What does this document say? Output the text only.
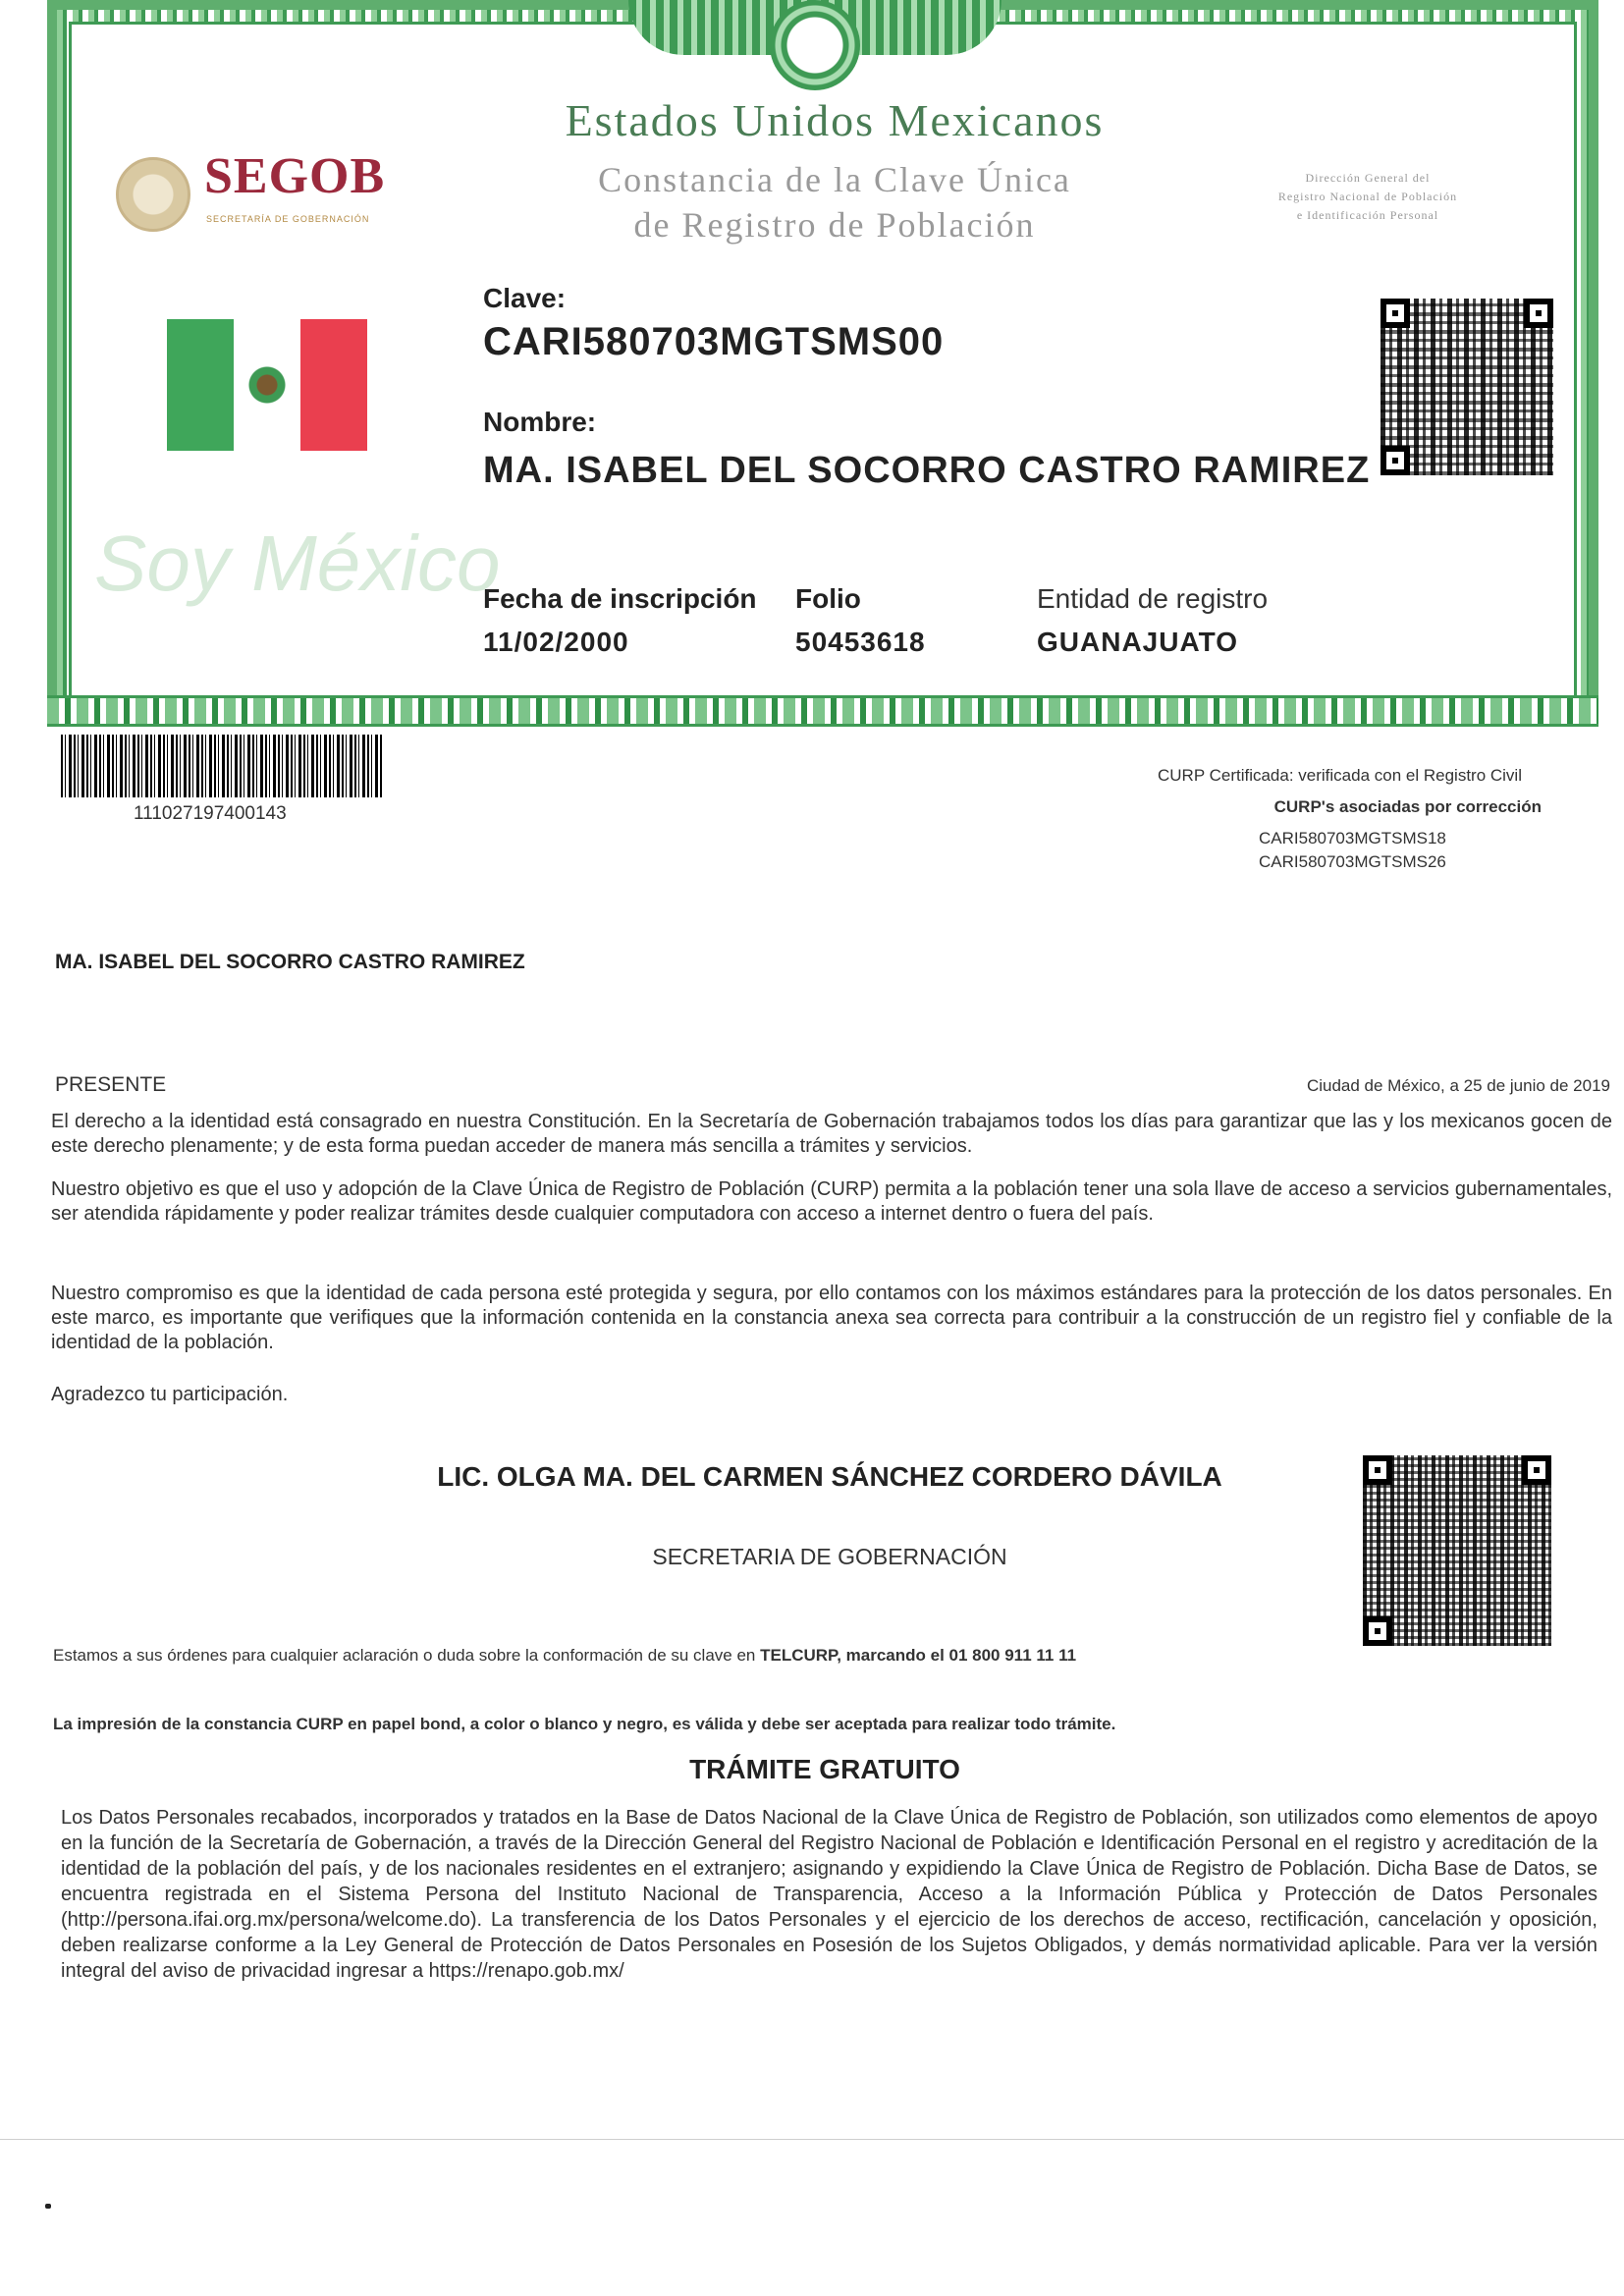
SEGOB
SECRETARÍA DE GOBERNACIÓN
Estados Unidos Mexicanos
Constancia de la Clave Única
de Registro de Población
Dirección General del
Registro Nacional de Población
e Identificación Personal
Soy México
Clave:
CARI580703MGTSMS00
Nombre:
MA. ISABEL DEL SOCORRO CASTRO RAMIREZ
Fecha de inscripción
11/02/2000
Folio
50453618
Entidad de registro
GUANAJUATO
111027197400143
CURP Certificada: verificada con el Registro Civil
CURP's asociadas por corrección
CARI580703MGTSMS18
CARI580703MGTSMS26
MA. ISABEL DEL SOCORRO CASTRO RAMIREZ
PRESENTE	Ciudad de México, a 25 de junio de 2019
El derecho a la identidad está consagrado en nuestra Constitución. En la Secretaría de Gobernación trabajamos todos los días para garantizar que las y los mexicanos gocen de este derecho plenamente; y de esta forma puedan acceder de manera más sencilla a trámites y servicios.
Nuestro objetivo es que el uso y adopción de la Clave Única de Registro de Población (CURP) permita a la población tener una sola llave de acceso a servicios gubernamentales, ser atendida rápidamente y poder realizar trámites desde cualquier computadora con acceso a internet dentro o fuera del país.
Nuestro compromiso es que la identidad de cada persona esté protegida y segura, por ello contamos con los máximos estándares para la protección de los datos personales. En este marco, es importante que verifiques que la información contenida en la constancia anexa sea correcta para contribuir a la construcción de un registro fiel y confiable de la identidad de la población.
Agradezco tu participación.
LIC. OLGA MA. DEL CARMEN SÁNCHEZ CORDERO DÁVILA
SECRETARIA DE GOBERNACIÓN
Estamos a sus órdenes para cualquier aclaración o duda sobre la conformación de su clave en TELCURP, marcando el 01 800 911 11 11
La impresión de la constancia CURP en papel bond, a color o blanco y negro, es válida y debe ser aceptada para realizar todo trámite.
TRÁMITE GRATUITO
Los Datos Personales recabados, incorporados y tratados en la Base de Datos Nacional de la Clave Única de Registro de Población, son utilizados como elementos de apoyo en la función de la Secretaría de Gobernación, a través de la Dirección General del Registro Nacional de Población e Identificación Personal en el registro y acreditación de la identidad de la población del país, y de los nacionales residentes en el extranjero; asignando y expidiendo la Clave Única de Registro de Población. Dicha Base de Datos, se encuentra registrada en el Sistema Persona del Instituto Nacional de Transparencia, Acceso a la Información Pública y Protección de Datos Personales (http://persona.ifai.org.mx/persona/welcome.do). La transferencia de los Datos Personales y el ejercicio de los derechos de acceso, rectificación, cancelación y oposición, deben realizarse conforme a la Ley General de Protección de Datos Personales en Posesión de los Sujetos Obligados, y demás normatividad aplicable. Para ver la versión integral del aviso de privacidad ingresar a https://renapo.gob.mx/
